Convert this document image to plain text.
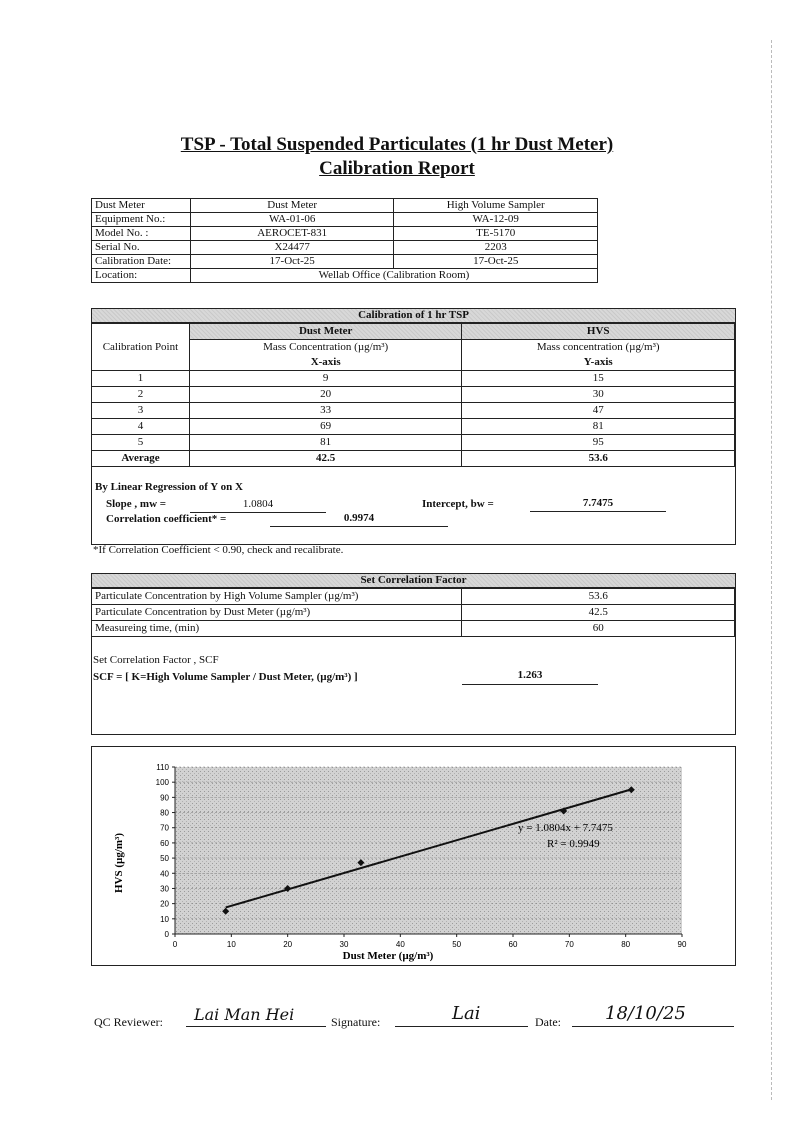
TSP - Total Suspended Particulates (1 hr Dust Meter)
Calibration Report
Dust Meter	Dust Meter	High Volume Sampler
Equipment No.:	WA-01-06	WA-12-09
Model No. :	AEROCET-831	TE-5170
Serial No.	X24477	2203
Calibration Date:	17-Oct-25	17-Oct-25
Location:	Wellab Office (Calibration Room)	
Calibration of 1 hr TSP
Calibration Point	Dust Meter	HVS
	Mass Concentration (µg/m³)	Mass concentration (µg/m³)
	X-axis	Y-axis
1	9	15
2	20	30
3	33	47
4	69	81
5	81	95
Average	42.5	53.6
By Linear Regression of Y on X
Slope , mw =	1.0804	Intercept, bw =	7.7475
Correlation coefficient* =	0.9974
*If Correlation Coefficient < 0.90, check and recalibrate.
Set Correlation Factor
Particulate Concentration by High Volume Sampler (µg/m³)	53.6
Particulate Concentration by Dust Meter (µg/m³)	42.5
Measureing time, (min)	60
Set Correlation Factor , SCF
SCF = [ K=High Volume Sampler / Dust Meter, (µg/m³) ]	1.263
0
10
20
30
40
50
60
70
80
90
100
110
0	10	20	30	40	50	60	70	80	90
y = 1.0804x + 7.7475
R² = 0.9949
Dust Meter (µg/m³)
HVS (µg/m³)
QC Reviewer: Lai Man Hei	Signature:	Lai	Date: 18/10/25
